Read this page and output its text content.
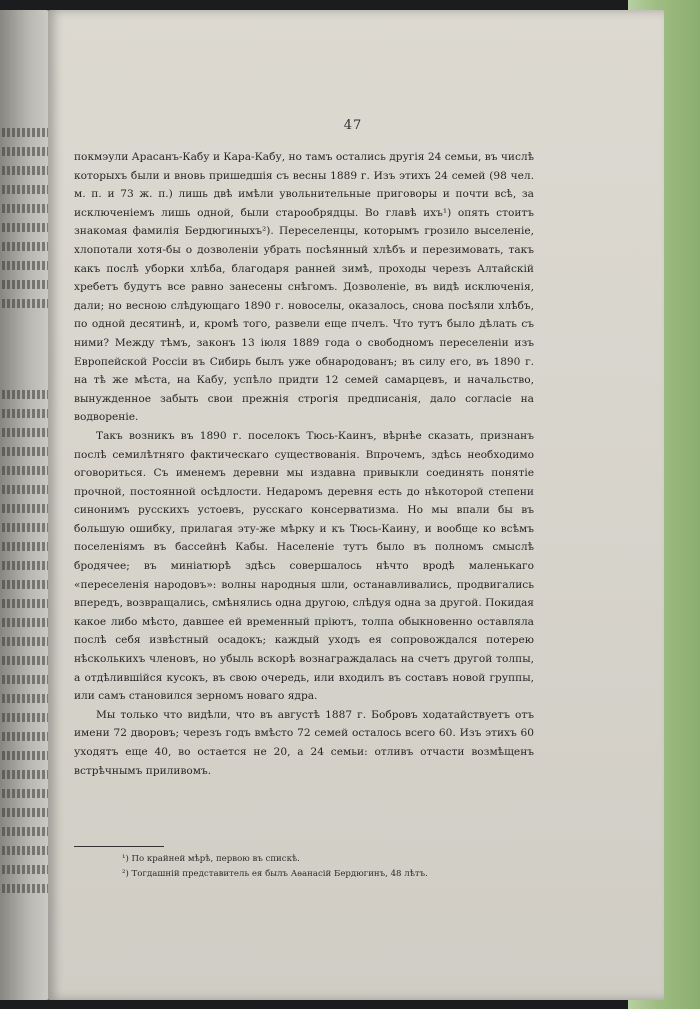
47

покмэули Арасанъ-Кабу и Кара-Кабу, но тамъ остались другія 24 семьи, въ числѣ которыхъ были и вновь пришедшія съ весны 1889 г. Изъ этихъ 24 семей (98 чел. м. п. и 73 ж. п.) лишь двѣ имѣли увольнительные приговоры и почти всѣ, за исключеніемъ лишь одной, были старообрядцы. Во главѣ ихъ¹) опять стоитъ знакомая фамилія Бердюгиныхъ²). Переселенцы, которымъ грозило выселеніе, хлопотали хотя-бы о дозволеніи убрать посѣянный хлѣбъ и перезимовать, такъ какъ послѣ уборки хлѣба, благодаря ранней зимѣ, проходы черезъ Алтайскій хребетъ будутъ все равно занесены снѣгомъ. Дозволеніе, въ видѣ исключенія, дали; но весною слѣдующаго 1890 г. новоселы, оказалось, снова посѣяли хлѣбъ, по одной десятинѣ, и, кромѣ того, развели еще пчелъ. Что тутъ было дѣлать съ ними? Между тѣмъ, законъ 13 іюля 1889 года о свободномъ переселеніи изъ Европейской Россіи въ Сибирь былъ уже обнародованъ; въ силу его, въ 1890 г. на тѣ же мѣста, на Кабу, успѣло придти 12 семей самарцевъ, и начальство, вынужденное забыть свои прежнія строгія предписанія, дало согласіе на водвореніе.

Такъ возникъ въ 1890 г. поселокъ Тюсь-Каинъ, вѣрнѣе сказать, признанъ послѣ семилѣтняго фактическаго существованія. Впрочемъ, здѣсь необходимо оговориться. Съ именемъ деревни мы издавна привыкли соединять понятіе прочной, постоянной осѣдлости. Недаромъ деревня есть до нѣкоторой степени синонимъ русскихъ устоевъ, русскаго консерватизма. Но мы впали бы въ большую ошибку, прилагая эту-же мѣрку и къ Тюсь-Каину, и вообще ко всѣмъ поселеніямъ въ бассейнѣ Кабы. Населеніе тутъ было въ полномъ смыслѣ бродячее; въ миніатюрѣ здѣсь совершалось нѣчто вродѣ маленькаго «переселенія народовъ»: волны народныя шли, останавливались, продвигались впередъ, возвращались, смѣнялись одна другою, слѣдуя одна за другой. Покидая какое либо мѣсто, давшее ей временный пріютъ, толпа обыкновенно оставляла послѣ себя извѣстный осадокъ; каждый уходъ ея сопровождался потерею нѣсколькихъ членовъ, но убыль вскорѣ вознаграждалась на счетъ другой толпы, а отдѣлившійся кусокъ, въ свою очередь, или входилъ въ составъ новой группы, или самъ становился зерномъ новаго ядра.

Мы только что видѣли, что въ августѣ 1887 г. Бобровъ ходатайствуетъ отъ имени 72 дворовъ; черезъ годъ вмѣсто 72 семей осталось всего 60. Изъ этихъ 60 уходятъ еще 40, во остается не 20, а 24 семьи: отливъ отчасти возмѣщенъ встрѣчнымъ приливомъ.

¹) По крайней мѣрѣ, первою въ спискѣ.
²) Тогдашній представитель ея былъ Аѳанасій Бердюгинъ, 48 лѣтъ.
